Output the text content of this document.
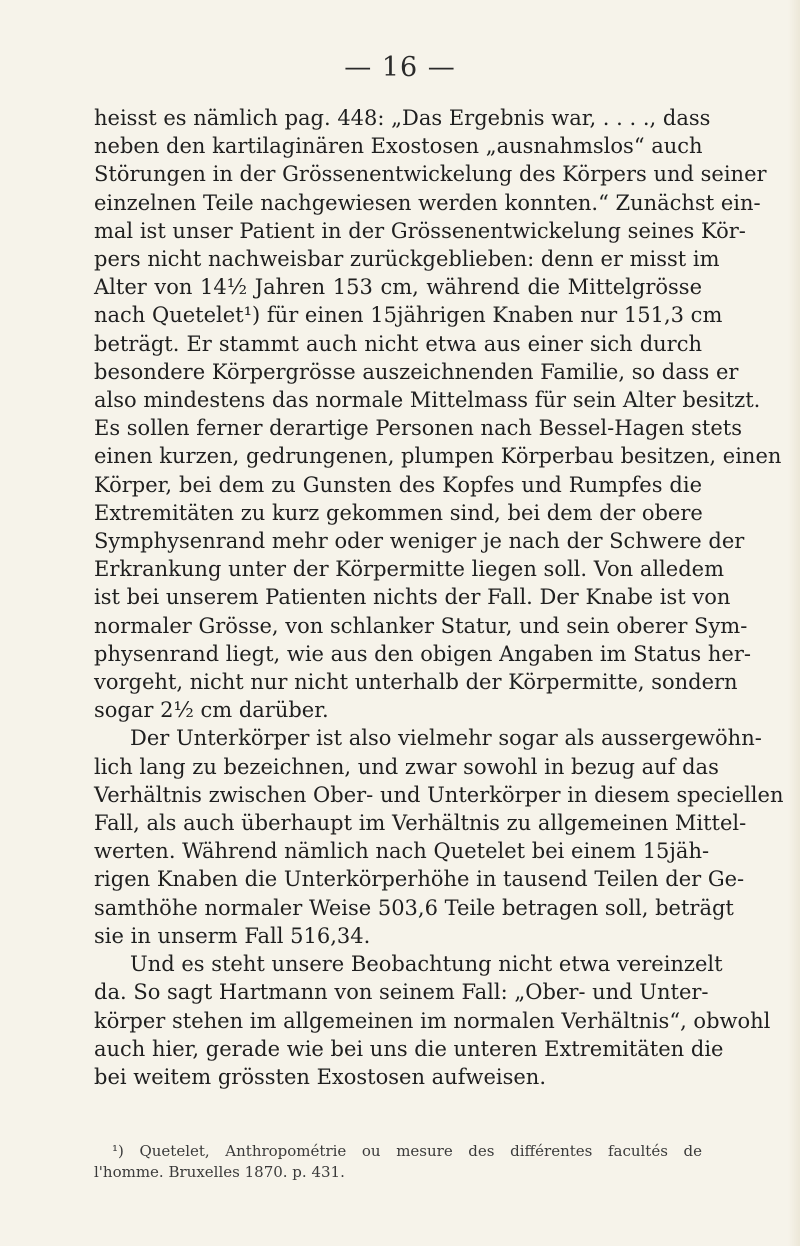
— 16 —

heisst es nämlich pag. 448: „Das Ergebnis war, . . . ., dass
neben den kartilaginären Exostosen „ausnahmslos“ auch
Störungen in der Grössenentwickelung des Körpers und seiner
einzelnen Teile nachgewiesen werden konnten.“ Zunächst ein-
mal ist unser Patient in der Grössenentwickelung seines Kör-
pers nicht nachweisbar zurückgeblieben: denn er misst im
Alter von 14½ Jahren 153 cm, während die Mittelgrösse
nach Quetelet¹) für einen 15jährigen Knaben nur 151,3 cm
beträgt. Er stammt auch nicht etwa aus einer sich durch
besondere Körpergrösse auszeichnenden Familie, so dass er
also mindestens das normale Mittelmass für sein Alter besitzt.
Es sollen ferner derartige Personen nach Bessel-Hagen stets
einen kurzen, gedrungenen, plumpen Körperbau besitzen, einen
Körper, bei dem zu Gunsten des Kopfes und Rumpfes die
Extremitäten zu kurz gekommen sind, bei dem der obere
Symphysenrand mehr oder weniger je nach der Schwere der
Erkrankung unter der Körpermitte liegen soll. Von alledem
ist bei unserem Patienten nichts der Fall. Der Knabe ist von
normaler Grösse, von schlanker Statur, und sein oberer Sym-
physenrand liegt, wie aus den obigen Angaben im Status her-
vorgeht, nicht nur nicht unterhalb der Körpermitte, sondern
sogar 2½ cm darüber.

Der Unterkörper ist also vielmehr sogar als aussergewöhn-
lich lang zu bezeichnen, und zwar sowohl in bezug auf das
Verhältnis zwischen Ober- und Unterkörper in diesem speciellen
Fall, als auch überhaupt im Verhältnis zu allgemeinen Mittel-
werten. Während nämlich nach Quetelet bei einem 15jäh-
rigen Knaben die Unterkörperhöhe in tausend Teilen der Ge-
samthöhe normaler Weise 503,6 Teile betragen soll, beträgt
sie in unserm Fall 516,34.

Und es steht unsere Beobachtung nicht etwa vereinzelt
da. So sagt Hartmann von seinem Fall: „Ober- und Unter-
körper stehen im allgemeinen im normalen Verhältnis“, obwohl
auch hier, gerade wie bei uns die unteren Extremitäten die
bei weitem grössten Exostosen aufweisen.

¹) Quetelet, Anthropométrie ou mesure des différentes facultés de
l'homme. Bruxelles 1870. p. 431.
